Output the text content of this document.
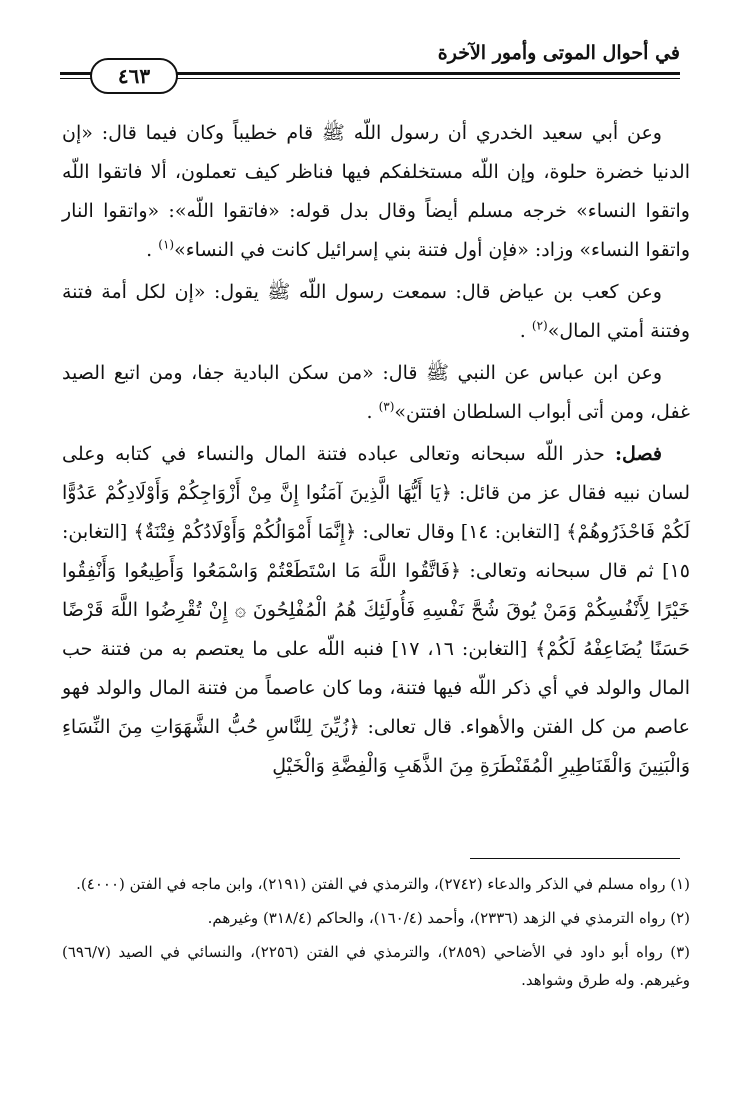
في أحوال الموتى وأمور الآخرة
٤٦٣

وعن أبي سعيد الخدري أن رسول اللّه ﷺ قام خطيباً وكان فيما قال: «إن الدنيا خضرة حلوة، وإن اللّه مستخلفكم فيها فناظر كيف تعملون، ألا فاتقوا اللّه واتقوا النساء» خرجه مسلم أيضاً وقال بدل قوله: «فاتقوا اللّه»: «واتقوا النار واتقوا النساء» وزاد: «فإن أول فتنة بني إسرائيل كانت في النساء»$^{(١)}$ .

وعن كعب بن عياض قال: سمعت رسول اللّه ﷺ يقول: «إن لكل أمة فتنة وفتنة أمتي المال»$^{(٢)}$ .

وعن ابن عباس عن النبي ﷺ قال: «من سكن البادية جفا، ومن اتبع الصيد غفل، ومن أتى أبواب السلطان افتتن»$^{(٣)}$ .

فصل: حذر اللّه سبحانه وتعالى عباده فتنة المال والنساء في كتابه وعلى لسان نبيه فقال عز من قائل: ﴿يَا أَيُّهَا الَّذِينَ آمَنُوا إِنَّ مِنْ أَزْوَاجِكُمْ وَأَوْلَادِكُمْ عَدُوًّا لَكُمْ فَاحْذَرُوهُمْ﴾ [التغابن: ١٤] وقال تعالى: ﴿إِنَّمَا أَمْوَالُكُمْ وَأَوْلَادُكُمْ فِتْنَةٌ﴾ [التغابن: ١٥] ثم قال سبحانه وتعالى: ﴿فَاتَّقُوا اللَّهَ مَا اسْتَطَعْتُمْ وَاسْمَعُوا وَأَطِيعُوا وَأَنْفِقُوا خَيْرًا لِأَنْفُسِكُمْ وَمَنْ يُوقَ شُحَّ نَفْسِهِ فَأُولَئِكَ هُمُ الْمُفْلِحُونَ ۞ إِنْ تُقْرِضُوا اللَّهَ قَرْضًا حَسَنًا يُضَاعِفْهُ لَكُمْ﴾ [التغابن: ١٦، ١٧] فنبه اللّه على ما يعتصم به من فتنة حب المال والولد في أي ذكر اللّه فيها فتنة، وما كان عاصماً من فتنة المال والولد فهو عاصم من كل الفتن والأهواء. قال تعالى: ﴿زُيِّنَ لِلنَّاسِ حُبُّ الشَّهَوَاتِ مِنَ النِّسَاءِ وَالْبَنِينَ وَالْقَنَاطِيرِ الْمُقَنْطَرَةِ مِنَ الذَّهَبِ وَالْفِضَّةِ وَالْخَيْلِ

(١) رواه مسلم في الذكر والدعاء (٢٧٤٢)، والترمذي في الفتن (٢١٩١)، وابن ماجه في الفتن (٤٠٠٠).

(٢) رواه الترمذي في الزهد (٢٣٣٦)، وأحمد (١٦٠/٤)، والحاكم (٣١٨/٤) وغيرهم.

(٣) رواه أبو داود في الأضاحي (٢٨٥٩)، والترمذي في الفتن (٢٢٥٦)، والنسائي في الصيد (٦٩٦/٧) وغيرهم. وله طرق وشواهد.
